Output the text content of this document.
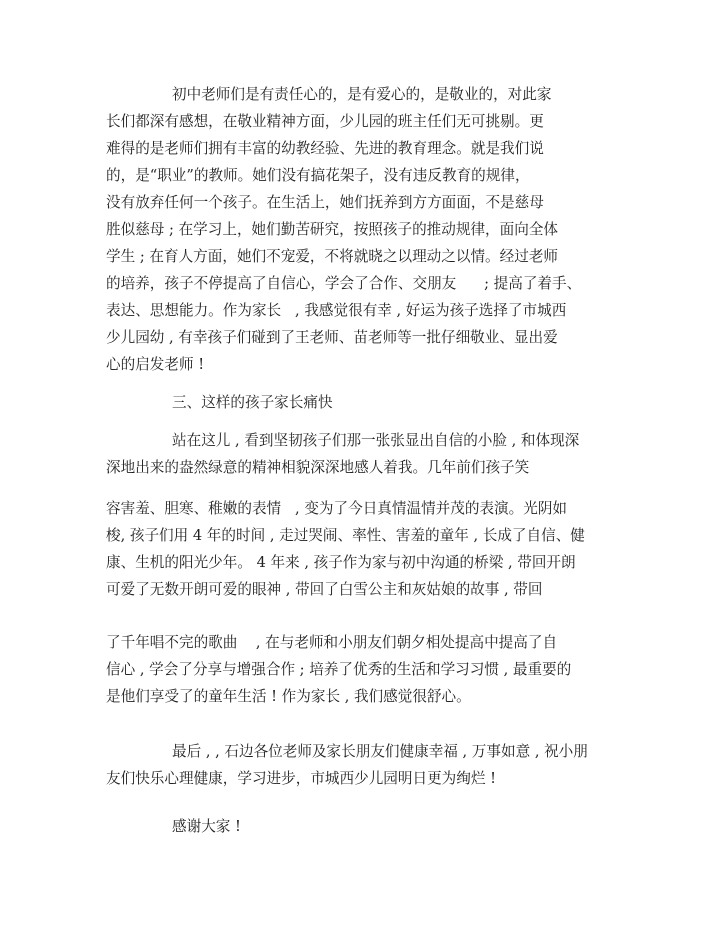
初中老师们是有责任心的，是有爱心的，是敬业的，对此家

长们都深有感想，在敬业精神方面，少儿园的班主任们无可挑剔。更

难得的是老师们拥有丰富的幼教经验、先进的教育理念。就是我们说

的，是“职业”的教师。她们没有搞花架子，没有违反教育的规律，

没有放弃任何一个孩子。在生活上，她们抚养到方方面面，不是慈母

胜似慈母 ; 在学习上，她们勤苦研究，按照孩子的推动规律，面向全体

学生 ; 在育人方面，她们不宠爱，不将就晓之以理动之以情。经过老师

的培养，孩子不停提高了自信心，学会了合作、交朋友      ; 提高了着手、

表达、思想能力。作为家长   , 我感觉很有幸 , 好运为孩子选择了市城西

少儿园幼 , 有幸孩子们碰到了王老师、苗老师等一批仔细敬业、显出爱

心的启发老师 !

三、这样的孩子家长痛快

站在这儿 , 看到坚韧孩子们那一张张显出自信的小脸 , 和体现深

深地出来的盎然绿意的精神相貌深深地感人着我。几年前们孩子笑

容害羞、胆寒、稚嫩的表情   , 变为了今日真情温情并茂的表演。光阴如

梭, 孩子们用 4 年的时间 , 走过哭闹、率性、害羞的童年 , 长成了自信、健

康、生机的阳光少年。 4 年来 , 孩子作为家与初中沟通的桥梁 , 带回开朗

可爱了无数开朗可爱的眼神 , 带回了白雪公主和灰姑娘的故事 , 带回

了千年唱不完的歌曲    , 在与老师和小朋友们朝夕相处提高中提高了自

信心 , 学会了分享与增强合作 ; 培养了优秀的生活和学习习惯 , 最重要的

是他们享受了的童年生活 ! 作为家长 , 我们感觉很舒心。

最后 , , 石边各位老师及家长朋友们健康幸福 , 万事如意 , 祝小朋

友们快乐心理健康，学习进步，市城西少儿园明日更为绚烂 !

感谢大家 !
